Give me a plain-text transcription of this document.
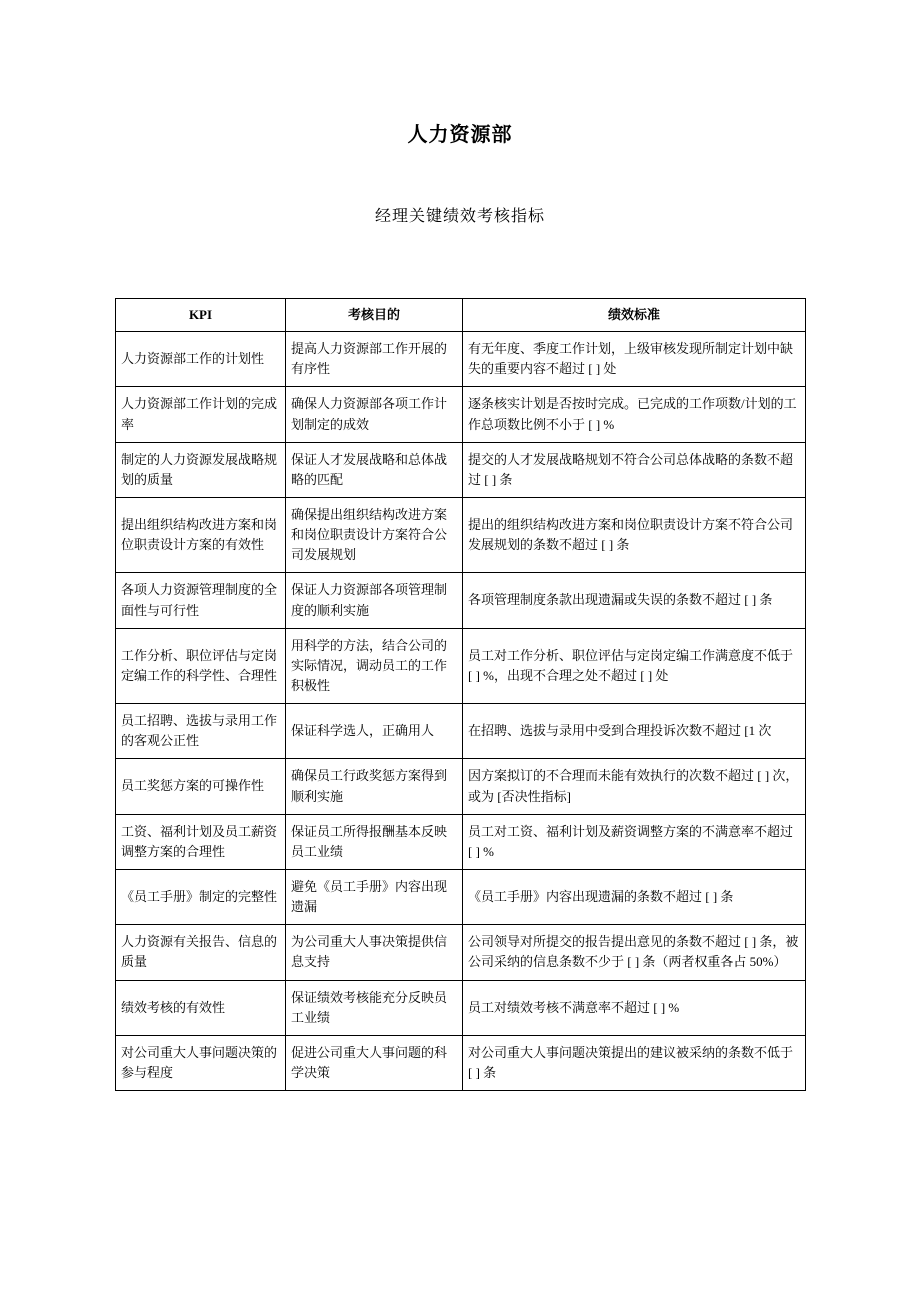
人力资源部
经理关键绩效考核指标
KPI	考核目的	绩效标准
人力资源部工作的计划性	提高人力资源部工作开展的有序性	有无年度、季度工作计划，上级审核发现所制定计划中缺失的重要内容不超过 [ ] 处
人力资源部工作计划的完成率	确保人力资源部各项工作计划制定的成效	逐条核实计划是否按时完成。已完成的工作项数/计划的工作总项数比例不小于 [ ] %
制定的人力资源发展战略规划的质量	保证人才发展战略和总体战略的匹配	提交的人才发展战略规划不符合公司总体战略的条数不超过 [ ] 条
提出组织结构改进方案和岗位职责设计方案的有效性	确保提出组织结构改进方案和岗位职责设计方案符合公司发展规划	提出的组织结构改进方案和岗位职责设计方案不符合公司发展规划的条数不超过 [ ] 条
各项人力资源管理制度的全面性与可行性	保证人力资源部各项管理制度的顺利实施	各项管理制度条款出现遗漏或失误的条数不超过 [ ] 条
工作分析、职位评估与定岗定编工作的科学性、合理性	用科学的方法，结合公司的实际情况，调动员工的工作积极性	员工对工作分析、职位评估与定岗定编工作满意度不低于 [ ] %，出现不合理之处不超过 [ ] 处
员工招聘、选拔与录用工作的客观公正性	保证科学选人，正确用人	在招聘、选拔与录用中受到合理投诉次数不超过 [1 次
员工奖惩方案的可操作性	确保员工行政奖惩方案得到顺利实施	因方案拟订的不合理而未能有效执行的次数不超过 [ ] 次，或为 [否决性指标]
工资、福利计划及员工薪资调整方案的合理性	保证员工所得报酬基本反映员工业绩	员工对工资、福利计划及薪资调整方案的不满意率不超过 [ ] %
《员工手册》制定的完整性	避免《员工手册》内容出现遗漏	《员工手册》内容出现遗漏的条数不超过 [ ] 条
人力资源有关报告、信息的质量	为公司重大人事决策提供信息支持	公司领导对所提交的报告提出意见的条数不超过 [ ] 条，被公司采纳的信息条数不少于 [ ] 条（两者权重各占 50%）
绩效考核的有效性	保证绩效考核能充分反映员工业绩	员工对绩效考核不满意率不超过 [ ] %
对公司重大人事问题决策的参与程度	促进公司重大人事问题的科学决策	对公司重大人事问题决策提出的建议被采纳的条数不低于 [ ] 条
